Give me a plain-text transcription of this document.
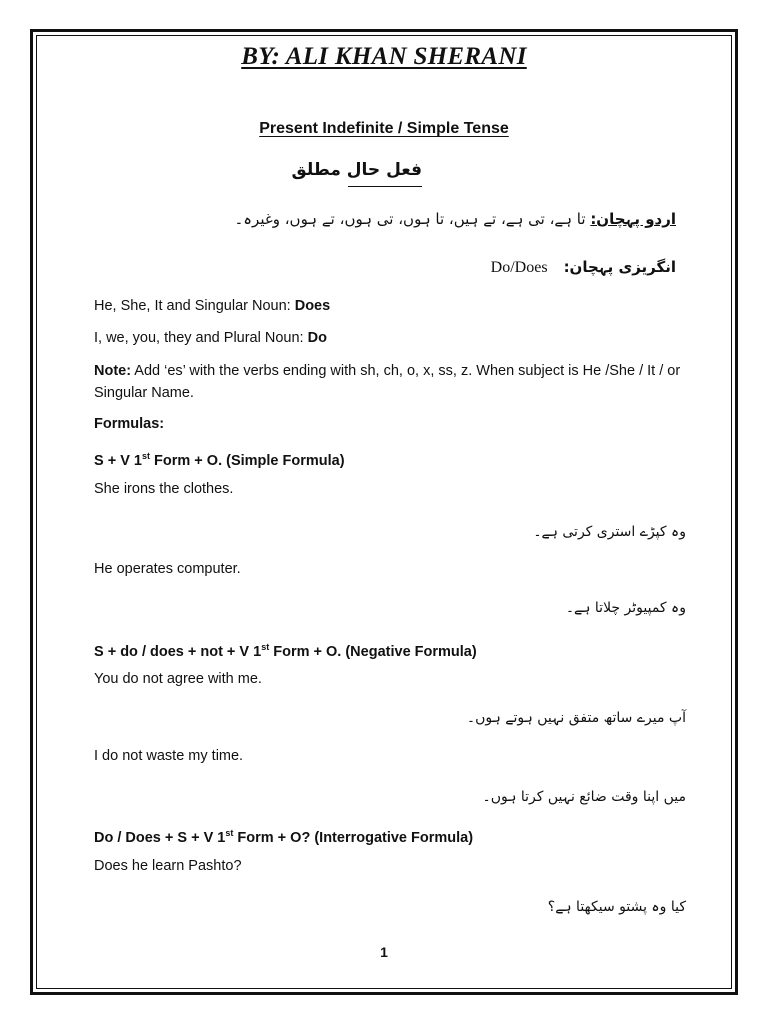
BY: ALI KHAN SHERANI
Present Indefinite / Simple Tense
فعل حال مطلق
اردو پہچان: تا ہے، تی ہے، تے ہیں، تا ہوں، تی ہوں، تے ہوں، وغیرہ۔
Do/Does انگریزی پہچان:
He, She, It and Singular Noun: Does
I, we, you, they and Plural Noun: Do
Note: Add ‘es’ with the verbs ending with sh, ch, o, x, ss, z. When subject is He /She / It / or Singular Name.
Formulas:
S + V 1st Form + O. (Simple Formula)
She irons the clothes.
وہ کپڑے استری کرتی ہے۔
He operates computer.
وہ کمپیوٹر چلاتا ہے۔
S + do / does + not + V 1st Form + O. (Negative Formula)
You do not agree with me.
آپ میرے ساتھ متفق نہیں ہوتے ہوں۔
I do not waste my time.
میں اپنا وقت ضائع نہیں کرتا ہوں۔
Do / Does + S + V 1st Form + O? (Interrogative Formula)
Does he learn Pashto?
کیا وہ پشتو سیکھتا ہے؟
1
